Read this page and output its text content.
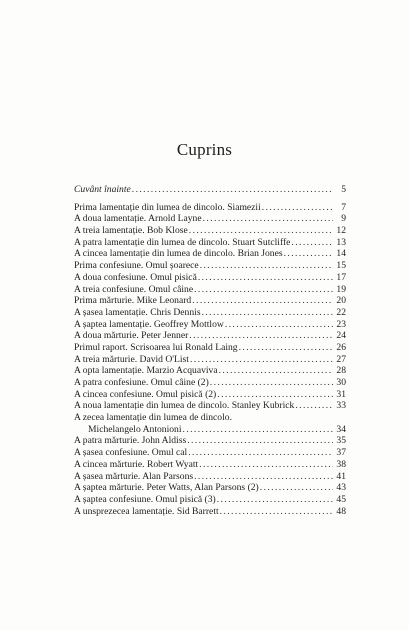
Cuprins
Cuvânt înainte . . .	5
Prima lamentație din lumea de dincolo. Siamezii . . .	7
A doua lamentație. Arnold Layne . . .	9
A treia lamentație. Bob Klose . . .	12
A patra lamentație din lumea de dincolo. Stuart Sutcliffe . . .	13
A cincea lamentație din lumea de dincolo. Brian Jones . . .	14
Prima confesiune. Omul șoarece . . .	15
A doua confesiune. Omul pisică . . .	17
A treia confesiune. Omul câine . . .	19
Prima mărturie. Mike Leonard . . .	20
A șasea lamentație. Chris Dennis . . .	22
A șaptea lamentație. Geoffrey Mottlow . . .	23
A doua mărturie. Peter Jenner . . .	24
Primul raport. Scrisoarea lui Ronald Laing . . .	26
A treia mărturie. David O'List . . .	27
A opta lamentație. Marzio Acquaviva . . .	28
A patra confesiune. Omul câine (2) . . .	30
A cincea confesiune. Omul pisică (2) . . .	31
A noua lamentație din lumea de dincolo. Stanley Kubrick . . .	33
A zecea lamentație din lumea de dincolo.
Michelangelo Antonioni . . .	34
A patra mărturie. John Aldiss . . .	35
A șasea confesiune. Omul cal . . .	37
A cincea mărturie. Robert Wyatt . . .	38
A șasea mărturie. Alan Parsons . . .	41
A șaptea mărturie. Peter Watts, Alan Parsons (2) . . .	43
A șaptea confesiune. Omul pisică (3) . . .	45
A unsprezecea lamentație. Sid Barrett . . .	48
